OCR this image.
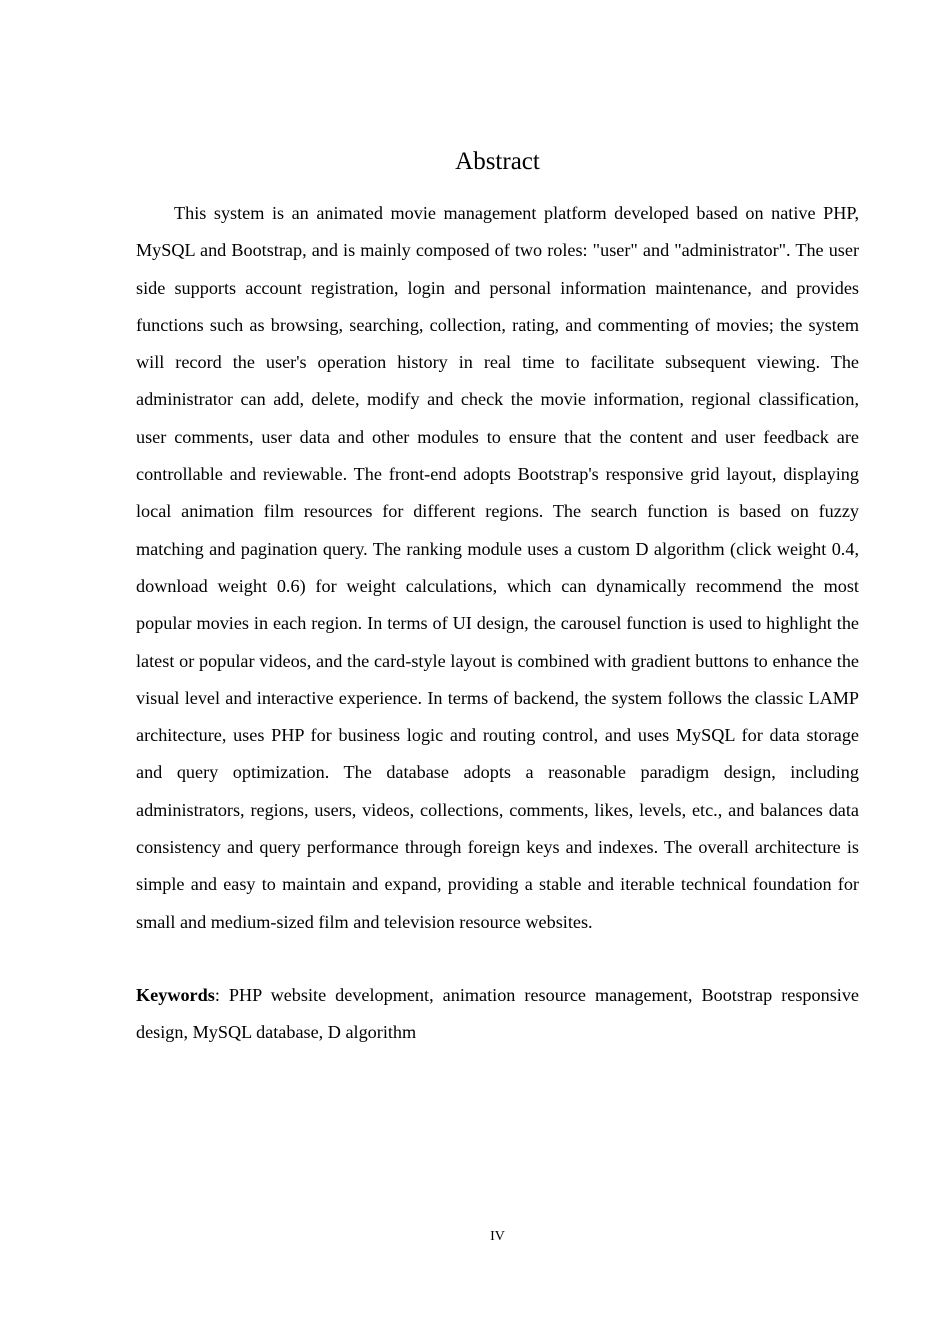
Abstract

This system is an animated movie management platform developed based on native PHP, MySQL and Bootstrap, and is mainly composed of two roles: "user" and "administrator". The user side supports account registration, login and personal information maintenance, and provides functions such as browsing, searching, collection, rating, and commenting of movies; the system will record the user's operation history in real time to facilitate subsequent viewing. The administrator can add, delete, modify and check the movie information, regional classification, user comments, user data and other modules to ensure that the content and user feedback are controllable and reviewable. The front-end adopts Bootstrap's responsive grid layout, displaying local animation film resources for different regions. The search function is based on fuzzy matching and pagination query. The ranking module uses a custom D algorithm (click weight 0.4, download weight 0.6) for weight calculations, which can dynamically recommend the most popular movies in each region. In terms of UI design, the carousel function is used to highlight the latest or popular videos, and the card-style layout is combined with gradient buttons to enhance the visual level and interactive experience. In terms of backend, the system follows the classic LAMP architecture, uses PHP for business logic and routing control, and uses MySQL for data storage and query optimization. The database adopts a reasonable paradigm design, including administrators, regions, users, videos, collections, comments, likes, levels, etc., and balances data consistency and query performance through foreign keys and indexes. The overall architecture is simple and easy to maintain and expand, providing a stable and iterable technical foundation for small and medium-sized film and television resource websites.

Keywords: PHP website development, animation resource management, Bootstrap responsive design, MySQL database, D algorithm

IV
